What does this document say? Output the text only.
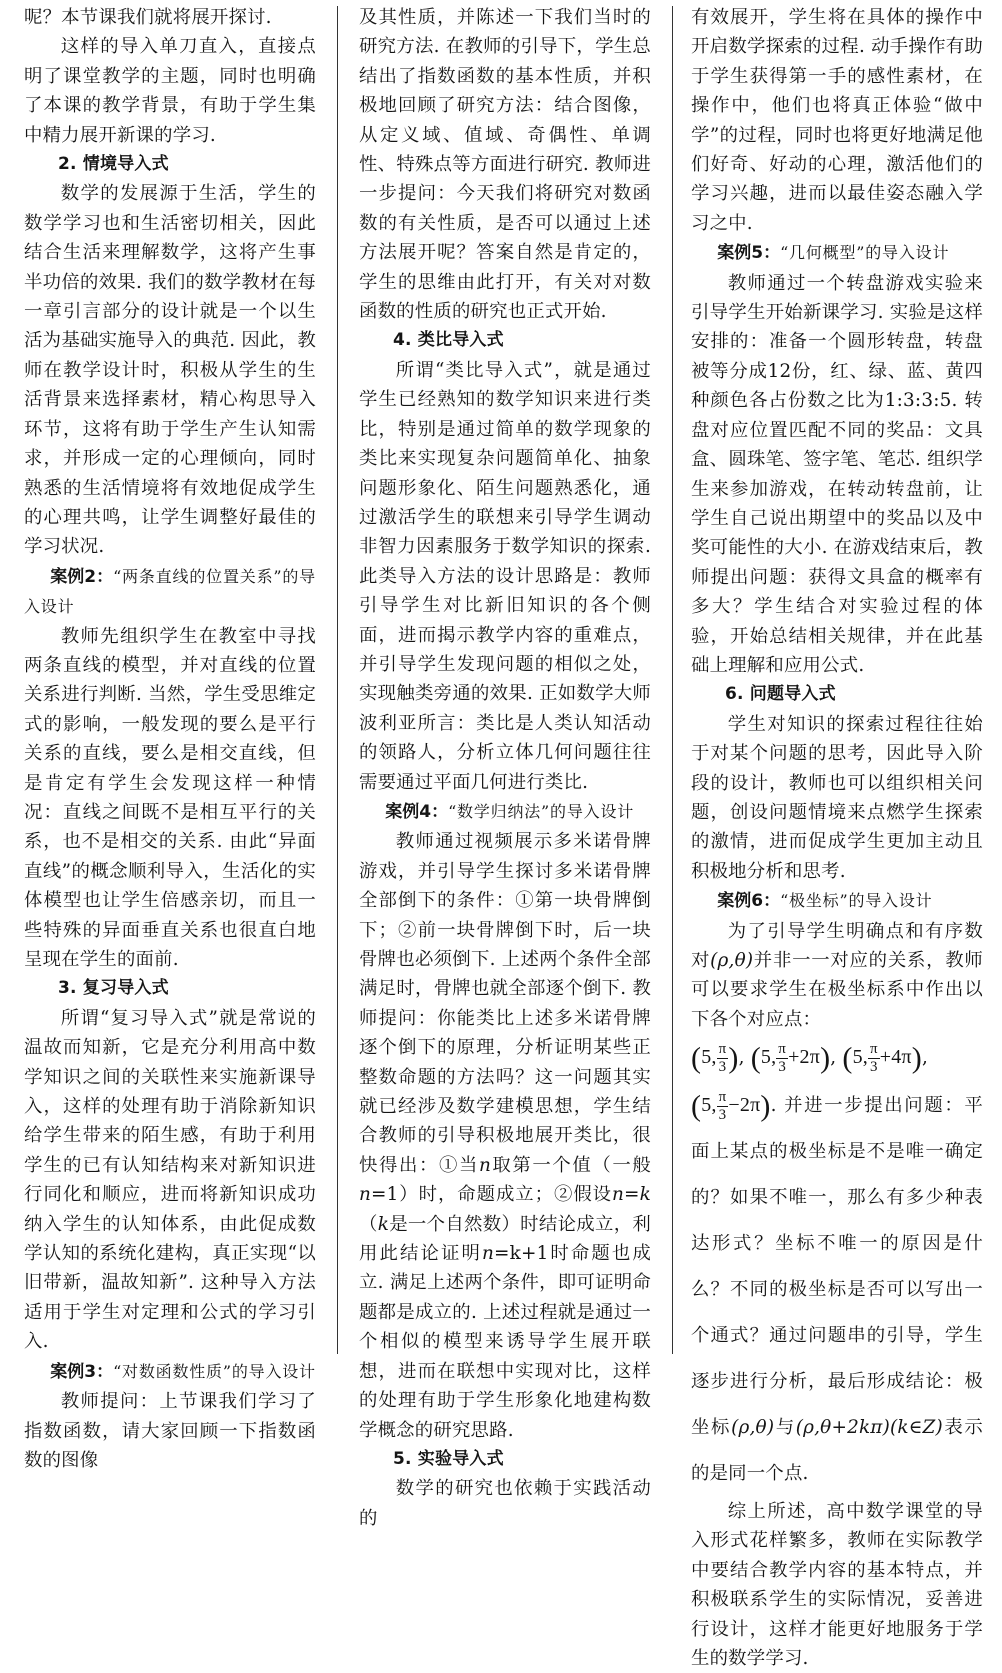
呢？本节课我们就将展开探讨.

这样的导入单刀直入，直接点明了课堂教学的主题，同时也明确了本课的教学背景，有助于学生集中精力展开新课的学习.

2. 情境导入式

数学的发展源于生活，学生的数学学习也和生活密切相关，因此结合生活来理解数学，这将产生事半功倍的效果. 我们的数学教材在每一章引言部分的设计就是一个以生活为基础实施导入的典范. 因此，教师在教学设计时，积极从学生的生活背景来选择素材，精心构思导入环节，这将有助于学生产生认知需求，并形成一定的心理倾向，同时熟悉的生活情境将有效地促成学生的心理共鸣，让学生调整好最佳的学习状况.

案例2：“两条直线的位置关系”的导入设计

教师先组织学生在教室中寻找两条直线的模型，并对直线的位置关系进行判断. 当然，学生受思维定式的影响，一般发现的要么是平行关系的直线，要么是相交直线，但是肯定有学生会发现这样一种情况：直线之间既不是相互平行的关系，也不是相交的关系. 由此“异面直线”的概念顺利导入，生活化的实体模型也让学生倍感亲切，而且一些特殊的异面垂直关系也很直白地呈现在学生的面前.

3. 复习导入式

所谓“复习导入式”就是常说的温故而知新，它是充分利用高中数学知识之间的关联性来实施新课导入，这样的处理有助于消除新知识给学生带来的陌生感，有助于利用学生的已有认知结构来对新知识进行同化和顺应，进而将新知识成功纳入学生的认知体系，由此促成数学认知的系统化建构，真正实现“以旧带新，温故知新”. 这种导入方法适用于学生对定理和公式的学习引入.

案例3：“对数函数性质”的导入设计

教师提问：上节课我们学习了指数函数，请大家回顾一下指数函数的图像

及其性质，并陈述一下我们当时的研究方法. 在教师的引导下，学生总结出了指数函数的基本性质，并积极地回顾了研究方法：结合图像，从定义域、值域、奇偶性、单调性、特殊点等方面进行研究. 教师进一步提问：今天我们将研究对数函数的有关性质，是否可以通过上述方法展开呢？答案自然是肯定的，学生的思维由此打开，有关对对数函数的性质的研究也正式开始.

4. 类比导入式

所谓“类比导入式”，就是通过学生已经熟知的数学知识来进行类比，特别是通过简单的数学现象的类比来实现复杂问题简单化、抽象问题形象化、陌生问题熟悉化，通过激活学生的联想来引导学生调动非智力因素服务于数学知识的探索. 此类导入方法的设计思路是：教师引导学生对比新旧知识的各个侧面，进而揭示教学内容的重难点，并引导学生发现问题的相似之处，实现触类旁通的效果. 正如数学大师波利亚所言：类比是人类认知活动的领路人，分析立体几何问题往往需要通过平面几何进行类比.

案例4：“数学归纳法”的导入设计

教师通过视频展示多米诺骨牌游戏，并引导学生探讨多米诺骨牌全部倒下的条件：①第一块骨牌倒下；②前一块骨牌倒下时，后一块骨牌也必须倒下. 上述两个条件全部满足时，骨牌也就全部逐个倒下. 教师提问：你能类比上述多米诺骨牌逐个倒下的原理，分析证明某些正整数命题的方法吗？这一问题其实就已经涉及数学建模思想，学生结合教师的引导积极地展开类比，很快得出：①当n取第一个值（一般n=1）时，命题成立；②假设n=k（k是一个自然数）时结论成立，利用此结论证明n=k+1时命题也成立. 满足上述两个条件，即可证明命题都是成立的. 上述过程就是通过一个相似的模型来诱导学生展开联想，进而在联想中实现对比，这样的处理有助于学生形象化地建构数学概念的研究思路.

5. 实验导入式

数学的研究也依赖于实践活动的

有效展开，学生将在具体的操作中开启数学探索的过程. 动手操作有助于学生获得第一手的感性素材，在操作中，他们也将真正体验“做中学”的过程，同时也将更好地满足他们好奇、好动的心理，激活他们的学习兴趣，进而以最佳姿态融入学习之中.

案例5：“几何概型”的导入设计

教师通过一个转盘游戏实验来引导学生开始新课学习. 实验是这样安排的：准备一个圆形转盘，转盘被等分成12份，红、绿、蓝、黄四种颜色各占份数之比为1:3:3:5. 转盘对应位置匹配不同的奖品：文具盒、圆珠笔、签字笔、笔芯. 组织学生来参加游戏，在转动转盘前，让学生自己说出期望中的奖品以及中奖可能性的大小. 在游戏结束后，教师提出问题：获得文具盒的概率有多大？学生结合对实验过程的体验，开始总结相关规律，并在此基础上理解和应用公式.

6. 问题导入式

学生对知识的探索过程往往始于对某个问题的思考，因此导入阶段的设计，教师也可以组织相关问题，创设问题情境来点燃学生探索的激情，进而促成学生更加主动且积极地分析和思考.

案例6：“极坐标”的导入设计

为了引导学生明确点和有序数对(ρ,θ)并非一一对应的关系，教师可以要求学生在极坐标系中作出以下各个对应点：

(5, $\frac{\pi}{3}$ ), (5, $\frac{\pi}{3} +2\pi$), (5, $\frac{\pi}{3} +4\pi$),

(5, $\frac{\pi}{3} -2\pi$). 并进一步提出问题：平面上某点的极坐标是不是唯一确定的？如果不唯一，那么有多少种表达形式？坐标不唯一的原因是什么？不同的极坐标是否可以写出一个通式？通过问题串的引导，学生逐步进行分析，最后形成结论：极坐标(ρ,θ)与(ρ,θ+2kπ)(k∈Z)表示的是同一个点.

综上所述，高中数学课堂的导入形式花样繁多，教师在实际教学中要结合教学内容的基本特点，并积极联系学生的实际情况，妥善进行设计，这样才能更好地服务于学生的数学学习.
